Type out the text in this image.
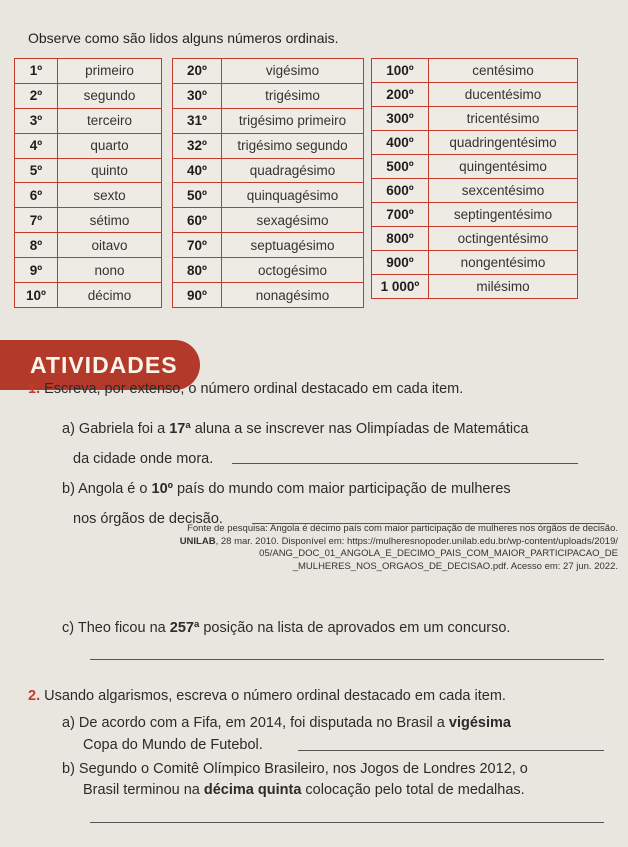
Observe como são lidos alguns números ordinais.
1º	primeiro
2º	segundo
3º	terceiro
4º	quarto
5º	quinto
6º	sexto
7º	sétimo
8º	oitavo
9º	nono
10º	décimo
20º	vigésimo
30º	trigésimo
31º	trigésimo primeiro
32º	trigésimo segundo
40º	quadragésimo
50º	quinquagésimo
60º	sexagésimo
70º	septuagésimo
80º	octogésimo
90º	nonagésimo
100º	centésimo
200º	ducentésimo
300º	tricentésimo
400º	quadringentésimo
500º	quingentésimo
600º	sexcentésimo
700º	septingentésimo
800º	octingentésimo
900º	nongentésimo
1 000º	milésimo
ATIVIDADES
1. Escreva, por extenso, o número ordinal destacado em cada item.
a) Gabriela foi a 17ª aluna a se inscrever nas Olimpíadas de Matemática
da cidade onde mora.
b) Angola é o 10º país do mundo com maior participação de mulheres
nos órgãos de decisão.
Fonte de pesquisa: Angola é décimo país com maior participação de mulheres nos órgãos de decisão.
UNILAB, 28 mar. 2010. Disponível em: https://mulheresnopoder.unilab.edu.br/wp-content/uploads/2019/
05/ANG_DOC_01_ANGOLA_E_DECIMO_PAIS_COM_MAIOR_PARTICIPACAO_DE
_MULHERES_NOS_ORGAOS_DE_DECISAO.pdf. Acesso em: 27 jun. 2022.
c) Theo ficou na 257ª posição na lista de aprovados em um concurso.
2. Usando algarismos, escreva o número ordinal destacado em cada item.
a) De acordo com a Fifa, em 2014, foi disputada no Brasil a vigésima
Copa do Mundo de Futebol.
b) Segundo o Comitê Olímpico Brasileiro, nos Jogos de Londres 2012, o
Brasil terminou na décima quinta colocação pelo total de medalhas.
